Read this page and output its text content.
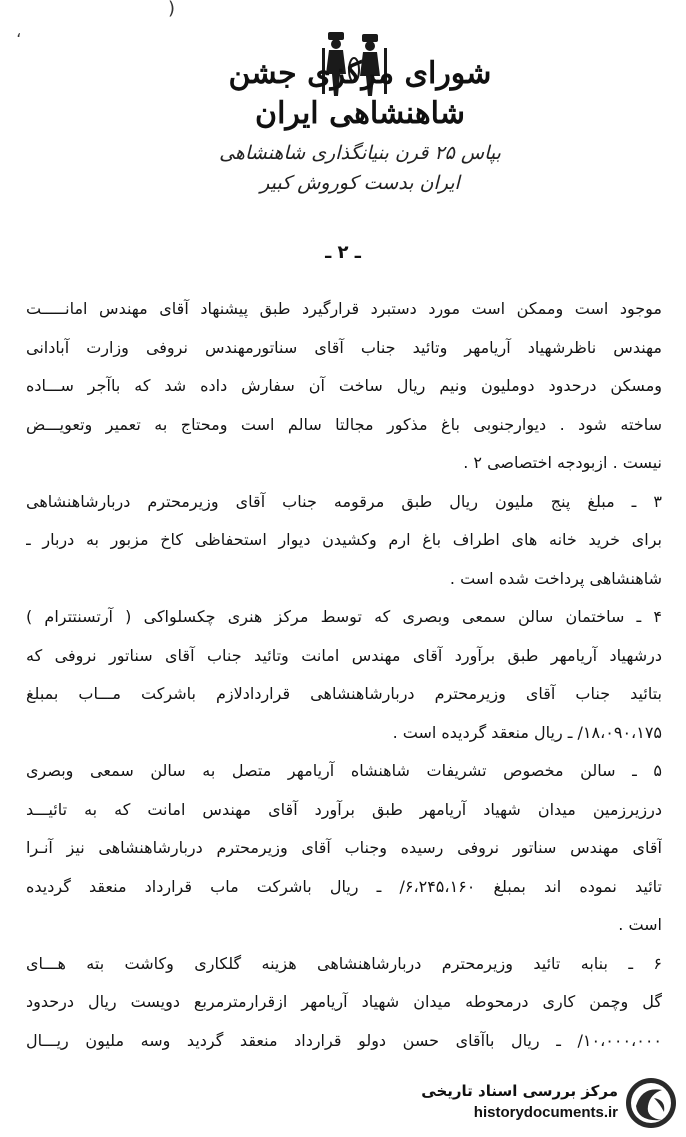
)
،
شورای مرکزی جشن شاهنشاهی ایران
بپاس ۲۵ قرن بنیانگذاری شاهنشاهی ایران بدست کوروش کبیر
ـ ۲ ـ
موجود است وممکن است مورد دستبرد قرارگیرد طبق پیشنهاد آقای مهندس امانـــــت
مهندس ناظرشهیاد آریامهر وتائید جناب آقای سناتورمهندس نروفی وزارت آبادانی
ومسکن درحدود دوملیون ونیم ریال ساخت آن سفارش داده شد که باآجر ســـاده
ساخته شود . دیوارجنوبی باغ مذکور مجالتا سالم است ومحتاج به تعمیر وتعویـــض
نیست . ازبودجه اختصاصی ۲ .
۳ ـ مبلغ پنج ملیون ریال طبق مرقومه جناب آقای وزیرمحترم دربارشاهنشاهی
برای خرید خانه های اطراف باغ ارم وکشیدن دیوار استحفاظی کاخ مزبور به دربار ـ
شاهنشاهی پرداخت شده است .
۴ ـ ساختمان سالن سمعی وبصری که توسط مرکز هنری چکسلواکی ( آرتسنتترام )
درشهیاد آریامهر طبق برآورد آقای مهندس امانت وتائید جناب آقای سناتور نروفی که
بتائید جناب آقای وزیرمحترم دربارشاهنشاهی قراردادلازم باشرکت مـــاب بمبلغ
۱۸،۰۹۰،۱۷۵/ ـ ریال منعقد گردیده است .
۵ ـ سالن مخصوص تشریفات شاهنشاه آریامهر متصل به سالن سمعی وبصری
درزیرزمین میدان شهیاد آریامهر طبق برآورد آقای مهندس امانت که به تائیـــد
آقای مهندس سناتور نروفی رسیده وجناب آقای وزیرمحترم دربارشاهنشاهی نیز آنـرا
تائید نموده اند بمبلغ ۶،۲۴۵،۱۶۰/ ـ ریال باشرکت ماب قرارداد منعقد گردیده
است .
۶ ـ بنابه تائید وزیرمحترم دربارشاهنشاهی هزینه گلکاری وکاشت بته هـــای
گل وچمن کاری درمحوطه میدان شهیاد آریامهر ازقرارمترمربع دویست ریال درحدود
۱۰،۰۰۰،۰۰۰/ ـ ریال باآقای حسن دولو قرارداد منعقد گردید وسه ملیون ریـــال
مرکز بررسی اسناد تاریخی
historydocuments.ir
